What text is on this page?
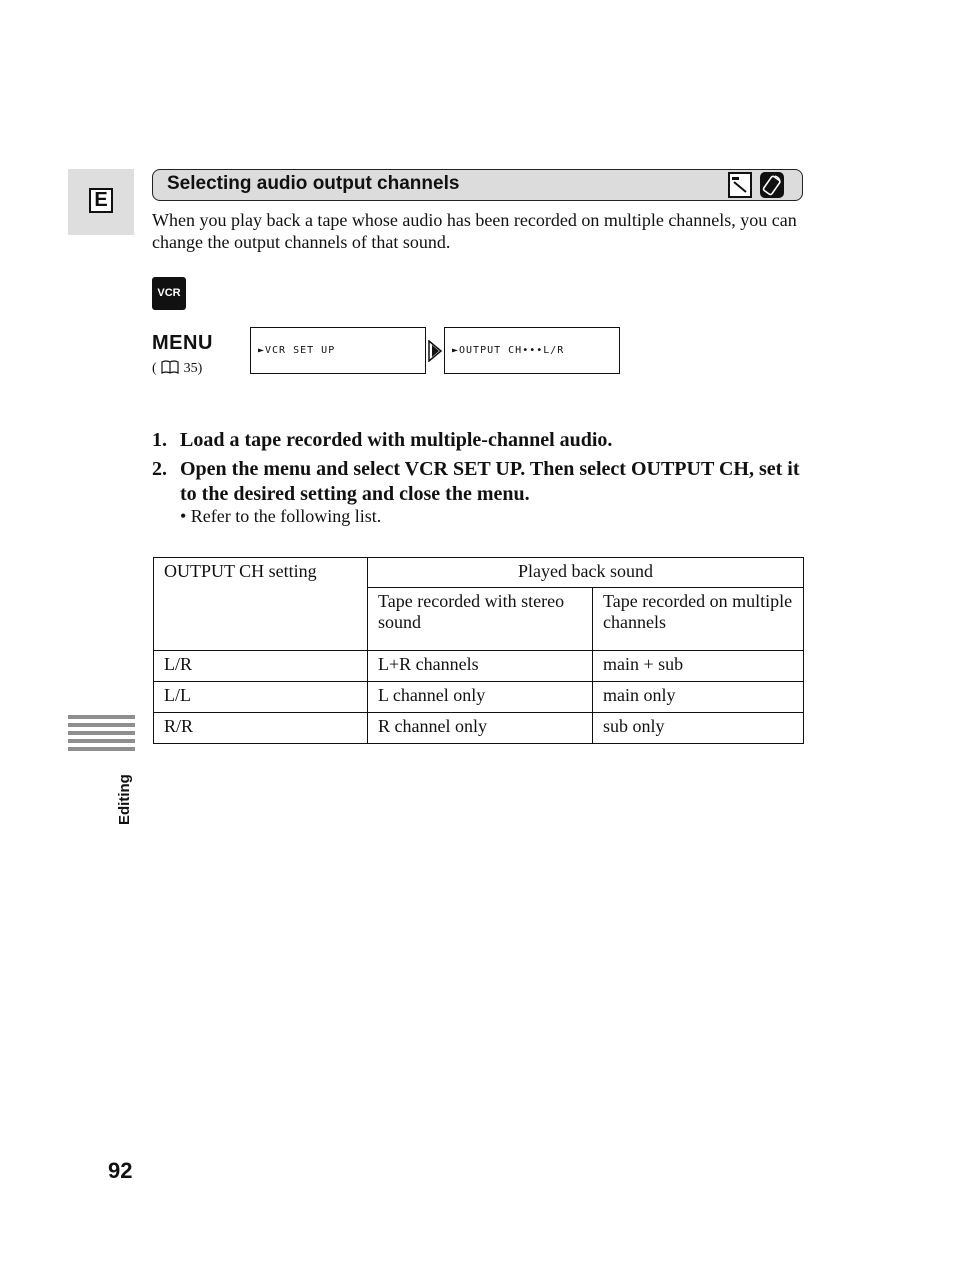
E
Selecting audio output channels
When you play back a tape whose audio has been recorded on multiple channels, you can change the output channels of that sound.
VCR
MENU
( 35)
►VCR SET UP	►OUTPUT CH•••L/R
1. Load a tape recorded with multiple-channel audio.
2. Open the menu and select VCR SET UP. Then select OUTPUT CH, set it to the desired setting and close the menu.
• Refer to the following list.
OUTPUT CH setting	Played back sound	
	Tape recorded with stereo sound	Tape recorded on multiple channels
L/R	L+R channels	main + sub
L/L	L channel only	main only
R/R	R channel only	sub only
Editing
92
